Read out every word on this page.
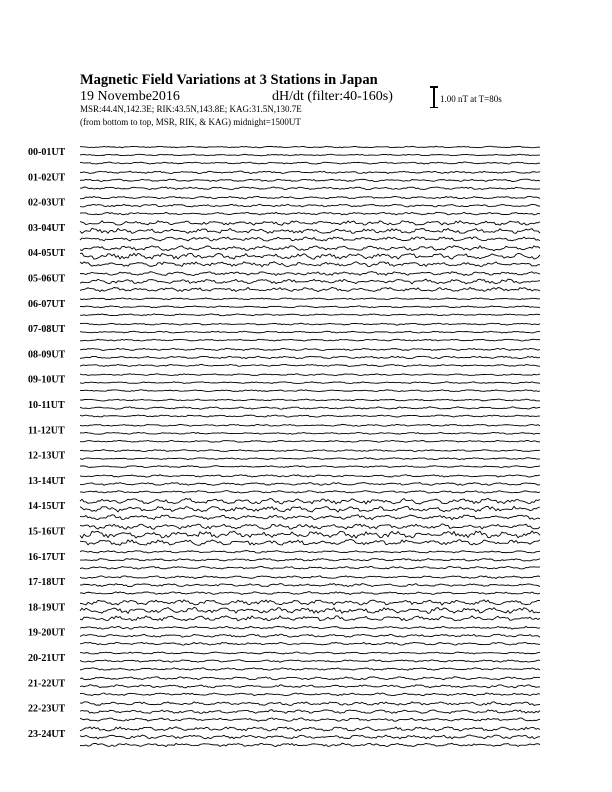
Magnetic Field Variations at 3 Stations in Japan
19 Novembe2016	dH/dt (filter:40-160s)
MSR:44.4N,142.3E; RIK:43.5N,143.8E; KAG:31.5N,130.7E
(from bottom to top, MSR, RIK, & KAG) midnight=1500UT
1.00 nT at T=80s
00-01UT
01-02UT
02-03UT
03-04UT
04-05UT
05-06UT
06-07UT
07-08UT
08-09UT
09-10UT
10-11UT
11-12UT
12-13UT
13-14UT
14-15UT
15-16UT
16-17UT
17-18UT
18-19UT
19-20UT
20-21UT
21-22UT
22-23UT
23-24UT
